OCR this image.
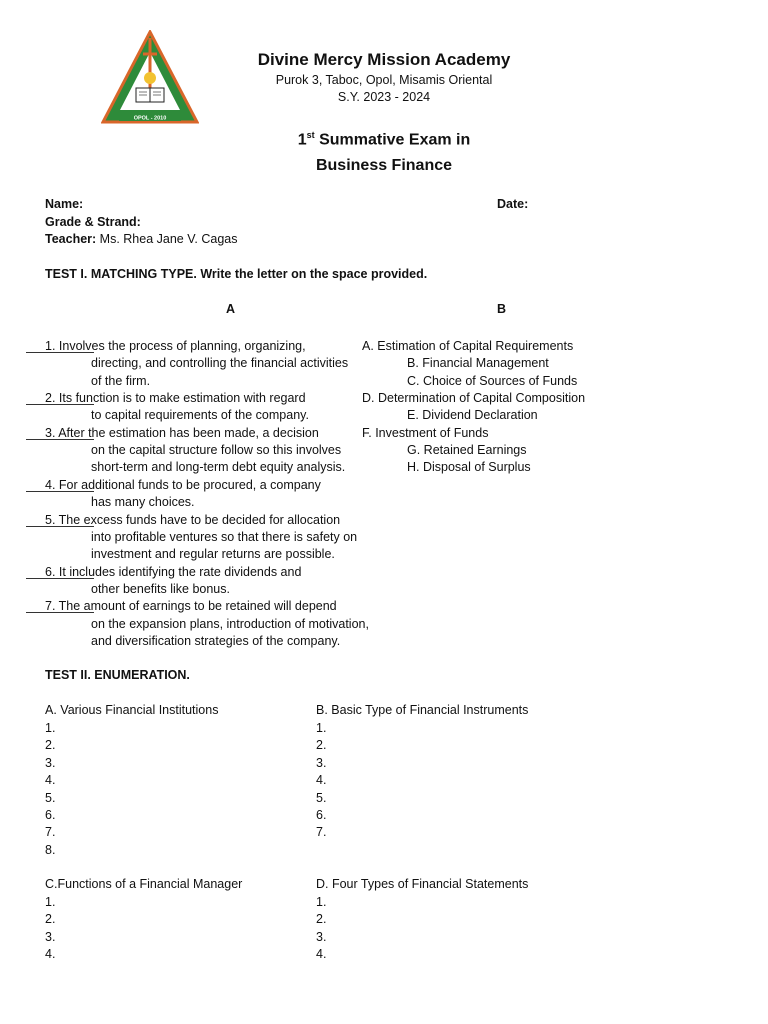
OPOL - 2010
Divine Mercy Mission Academy
Purok 3, Taboc, Opol, Misamis Oriental
S.Y. 2023 - 2024
1st Summative Exam in
Business Finance
Name:	Date:
Grade & Strand:
Teacher: Ms. Rhea Jane V. Cagas
TEST I. MATCHING TYPE. Write the letter on the space provided.
A	B
1. Involves the process of planning, organizing,
directing, and controlling the financial activities
of the firm.
2. Its function is to make estimation with regard
to capital requirements of the company.
3. After the estimation has been made, a decision
on the capital structure follow so this involves
short-term and long-term debt equity analysis.
4. For additional funds to be procured, a company
has many choices.
5. The excess funds have to be decided for allocation
into profitable ventures so that there is safety on
investment and regular returns are possible.
6. It includes identifying the rate dividends and
other benefits like bonus.
7. The amount of earnings to be retained will depend
on the expansion plans, introduction of motivation,
and diversification strategies of the company.
A. Estimation of Capital Requirements
B. Financial Management
C. Choice of Sources of Funds
D. Determination of Capital Composition
E. Dividend Declaration
F. Investment of Funds
G. Retained Earnings
H. Disposal of Surplus
TEST II. ENUMERATION.
A. Various Financial Institutions	B. Basic Type of Financial Instruments
1.
2.
3.
4.
5.
6.
7.
8.
1.
2.
3.
4.
5.
6.
7.
C.Functions of a Financial Manager	D. Four Types of Financial Statements
1.
2.
3.
4.
1.
2.
3.
4.
